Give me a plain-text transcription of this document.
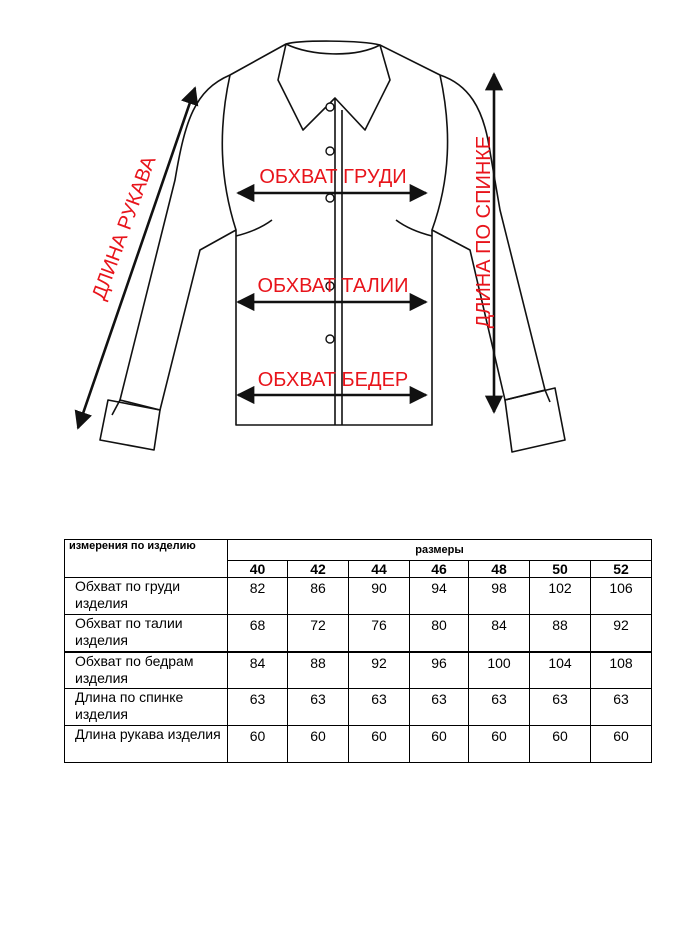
ОБХВАТ ГРУДИ
ОБХВАТ ТАЛИИ
ОБХВАТ БЕДЕР
ДЛИНА РУКАВА	ДЛИНА ПО СПИНКЕ
измерения по изделию	размеры						
	40	42	44	46	48	50	52
Обхват по груди изделия	82	86	90	94	98	102	106
Обхват по талии изделия	68	72	76	80	84	88	92
Обхват по бедрам изделия	84	88	92	96	100	104	108
Длина по спинке изделия	63	63	63	63	63	63	63
Длина рукава изделия	60	60	60	60	60	60	60
